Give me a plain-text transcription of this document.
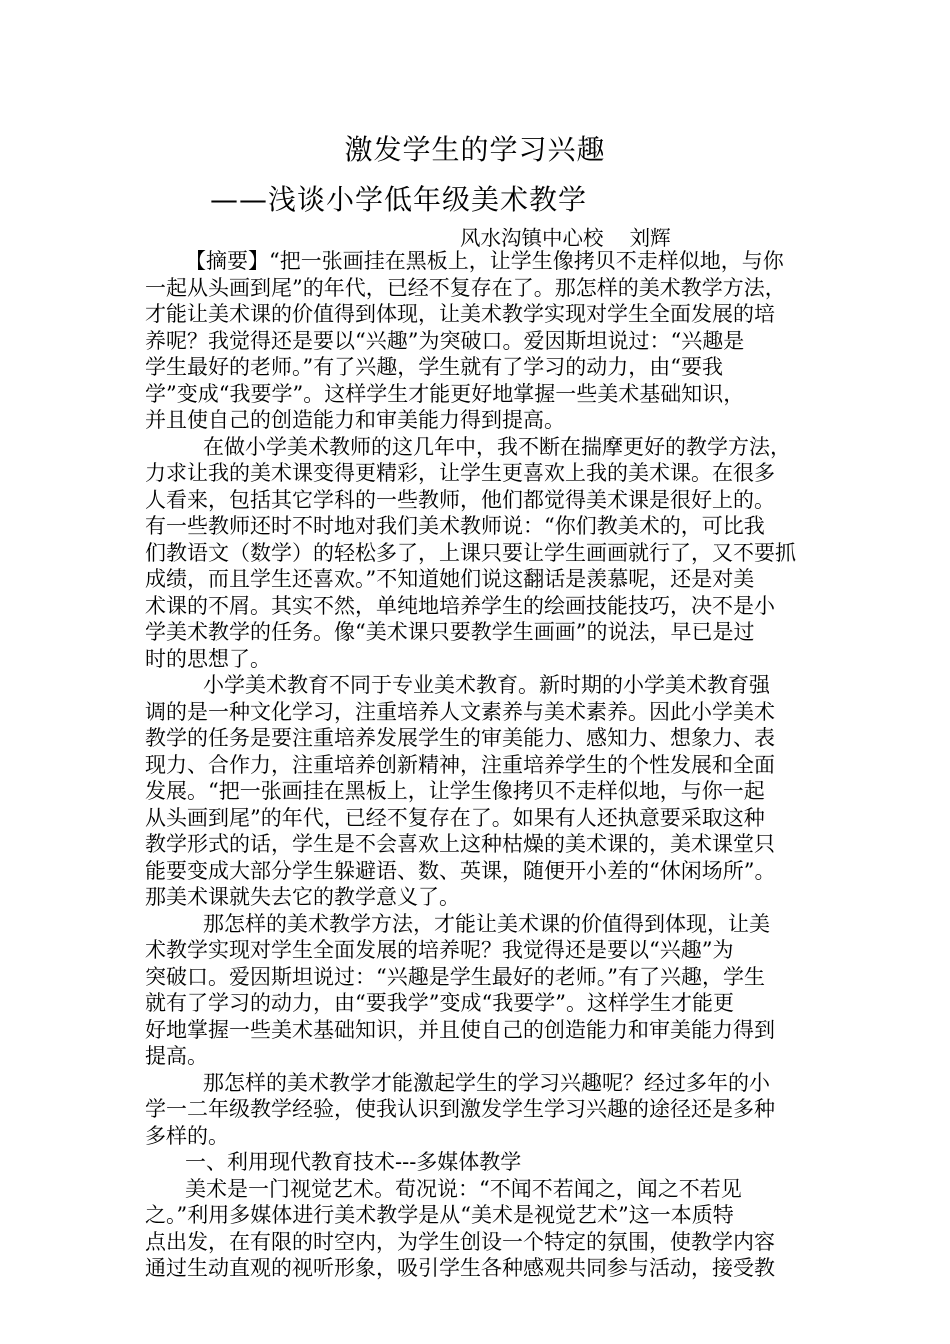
激发学生的学习兴趣
——浅谈小学低年级美术教学
风水沟镇中心校    刘辉
【摘要】“把一张画挂在黑板上，让学生像拷贝不走样似地，与你
一起从头画到尾”的年代，已经不复存在了。那怎样的美术教学方法，
才能让美术课的价值得到体现，让美术教学实现对学生全面发展的培
养呢？我觉得还是要以“兴趣”为突破口。爱因斯坦说过：“兴趣是
学生最好的老师。”有了兴趣，学生就有了学习的动力，由“要我
学”变成“我要学”。这样学生才能更好地掌握一些美术基础知识，
并且使自己的创造能力和审美能力得到提高。
在做小学美术教师的这几年中，我不断在揣摩更好的教学方法，
力求让我的美术课变得更精彩，让学生更喜欢上我的美术课。在很多
人看来，包括其它学科的一些教师，他们都觉得美术课是很好上的。
有一些教师还时不时地对我们美术教师说：“你们教美术的，可比我
们教语文（数学）的轻松多了，上课只要让学生画画就行了，又不要抓
成绩，而且学生还喜欢。”不知道她们说这翻话是羡慕呢，还是对美
术课的不屑。其实不然，单纯地培养学生的绘画技能技巧，决不是小
学美术教学的任务。像“美术课只要教学生画画”的说法，早已是过
时的思想了。
小学美术教育不同于专业美术教育。新时期的小学美术教育强
调的是一种文化学习，注重培养人文素养与美术素养。因此小学美术
教学的任务是要注重培养发展学生的审美能力、感知力、想象力、表
现力、合作力，注重培养创新精神，注重培养学生的个性发展和全面
发展。“把一张画挂在黑板上，让学生像拷贝不走样似地，与你一起
从头画到尾”的年代，已经不复存在了。如果有人还执意要采取这种
教学形式的话，学生是不会喜欢上这种枯燥的美术课的，美术课堂只
能要变成大部分学生躲避语、数、英课，随便开小差的“休闲场所”。
那美术课就失去它的教学意义了。
那怎样的美术教学方法，才能让美术课的价值得到体现，让美
术教学实现对学生全面发展的培养呢？我觉得还是要以“兴趣”为
突破口。爱因斯坦说过：“兴趣是学生最好的老师。”有了兴趣，学生
就有了学习的动力，由“要我学”变成“我要学”。这样学生才能更
好地掌握一些美术基础知识，并且使自己的创造能力和审美能力得到
提高。
那怎样的美术教学才能激起学生的学习兴趣呢？经过多年的小
学一二年级教学经验，使我认识到激发学生学习兴趣的途径还是多种
多样的。
一、利用现代教育技术---多媒体教学
美术是一门视觉艺术。荀况说：“不闻不若闻之，闻之不若见
之。”利用多媒体进行美术教学是从“美术是视觉艺术”这一本质特
点出发，在有限的时空内，为学生创设一个特定的氛围，使教学内容
通过生动直观的视听形象，吸引学生各种感观共同参与活动，接受教
